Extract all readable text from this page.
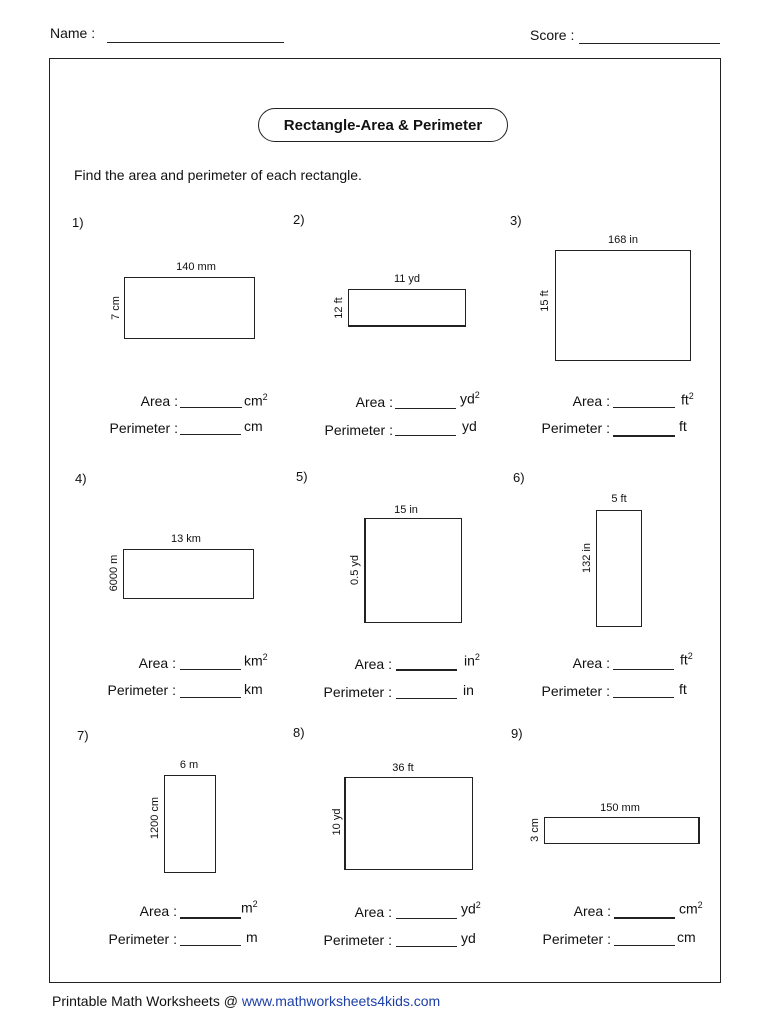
Name :	Score :
Rectangle-Area & Perimeter
Find the area and perimeter of each rectangle.
1)
140 mm
7 cm
Area :	$cm^2$
Perimeter :	cm
2)
11 yd
12 ft
Area :	$yd^2$
Perimeter :	yd
3)
168 in
15 ft
Area :	$ft^2$
Perimeter :	ft
4)
13 km
6000 m
Area :	$km^2$
Perimeter :	km
5)
15 in
0.5 yd
Area :	$in^2$
Perimeter :	in
6)
5 ft
132 in
Area :	$ft^2$
Perimeter :	ft
7)
6 m
1200 cm
Area :	$m^2$
Perimeter :	m
8)
36 ft
10 yd
Area :	$yd^2$
Perimeter :	yd
9)
150 mm
3 cm
Area :	$cm^2$
Perimeter :	cm
Printable Math Worksheets @ www.mathworksheets4kids.com
